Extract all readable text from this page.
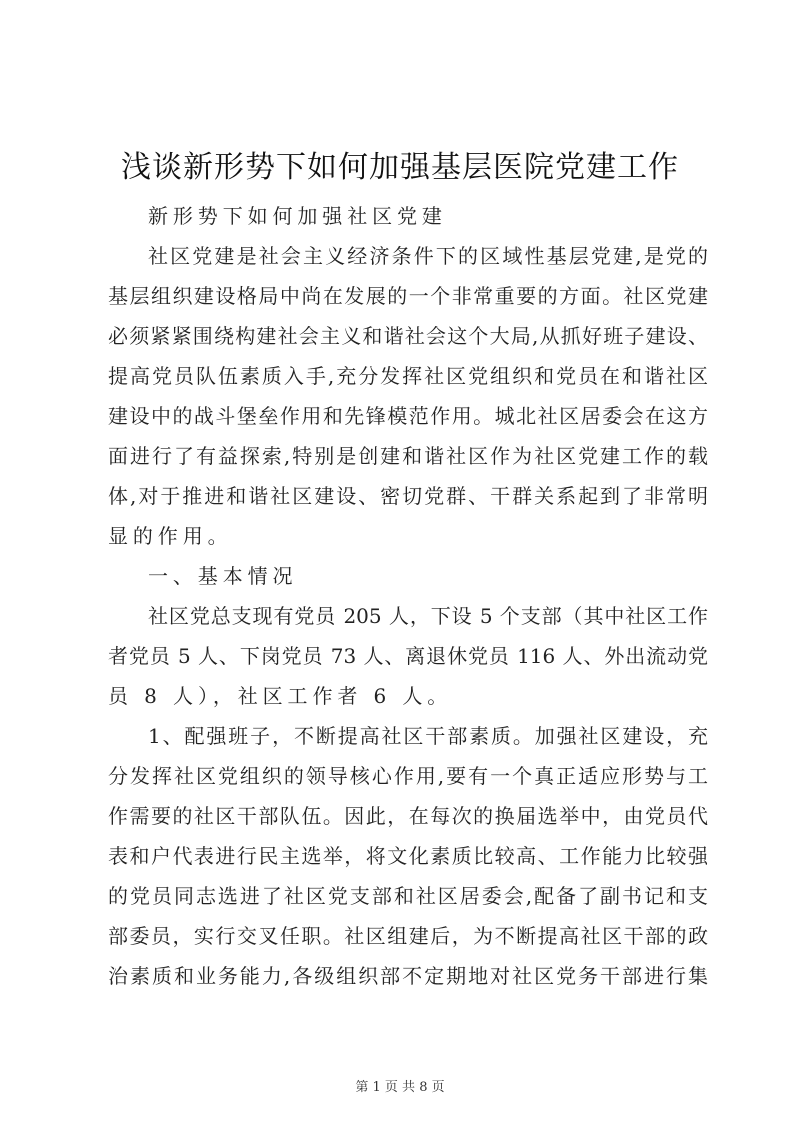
浅谈新形势下如何加强基层医院党建工作
新形势下如何加强社区党建
社区党建是社会主义经济条件下的区域性基层党建,是党的
基层组织建设格局中尚在发展的一个非常重要的方面。社区党建
必须紧紧围绕构建社会主义和谐社会这个大局,从抓好班子建设、
提高党员队伍素质入手,充分发挥社区党组织和党员在和谐社区
建设中的战斗堡垒作用和先锋模范作用。城北社区居委会在这方
面进行了有益探索,特别是创建和谐社区作为社区党建工作的载
体,对于推进和谐社区建设、密切党群、干群关系起到了非常明
显的作用。
一、基本情况
社区党总支现有党员 205 人，下设 5 个支部（其中社区工作
者党员 5 人、下岗党员 73 人、离退休党员 116 人、外出流动党
员 8 人），社区工作者 6 人。
1、配强班子，不断提高社区干部素质。加强社区建设，充
分发挥社区党组织的领导核心作用,要有一个真正适应形势与工
作需要的社区干部队伍。因此，在每次的换届选举中，由党员代
表和户代表进行民主选举，将文化素质比较高、工作能力比较强
的党员同志选进了社区党支部和社区居委会,配备了副书记和支
部委员，实行交叉任职。社区组建后，为不断提高社区干部的政
治素质和业务能力,各级组织部不定期地对社区党务干部进行集
第 1 页 共 8 页
